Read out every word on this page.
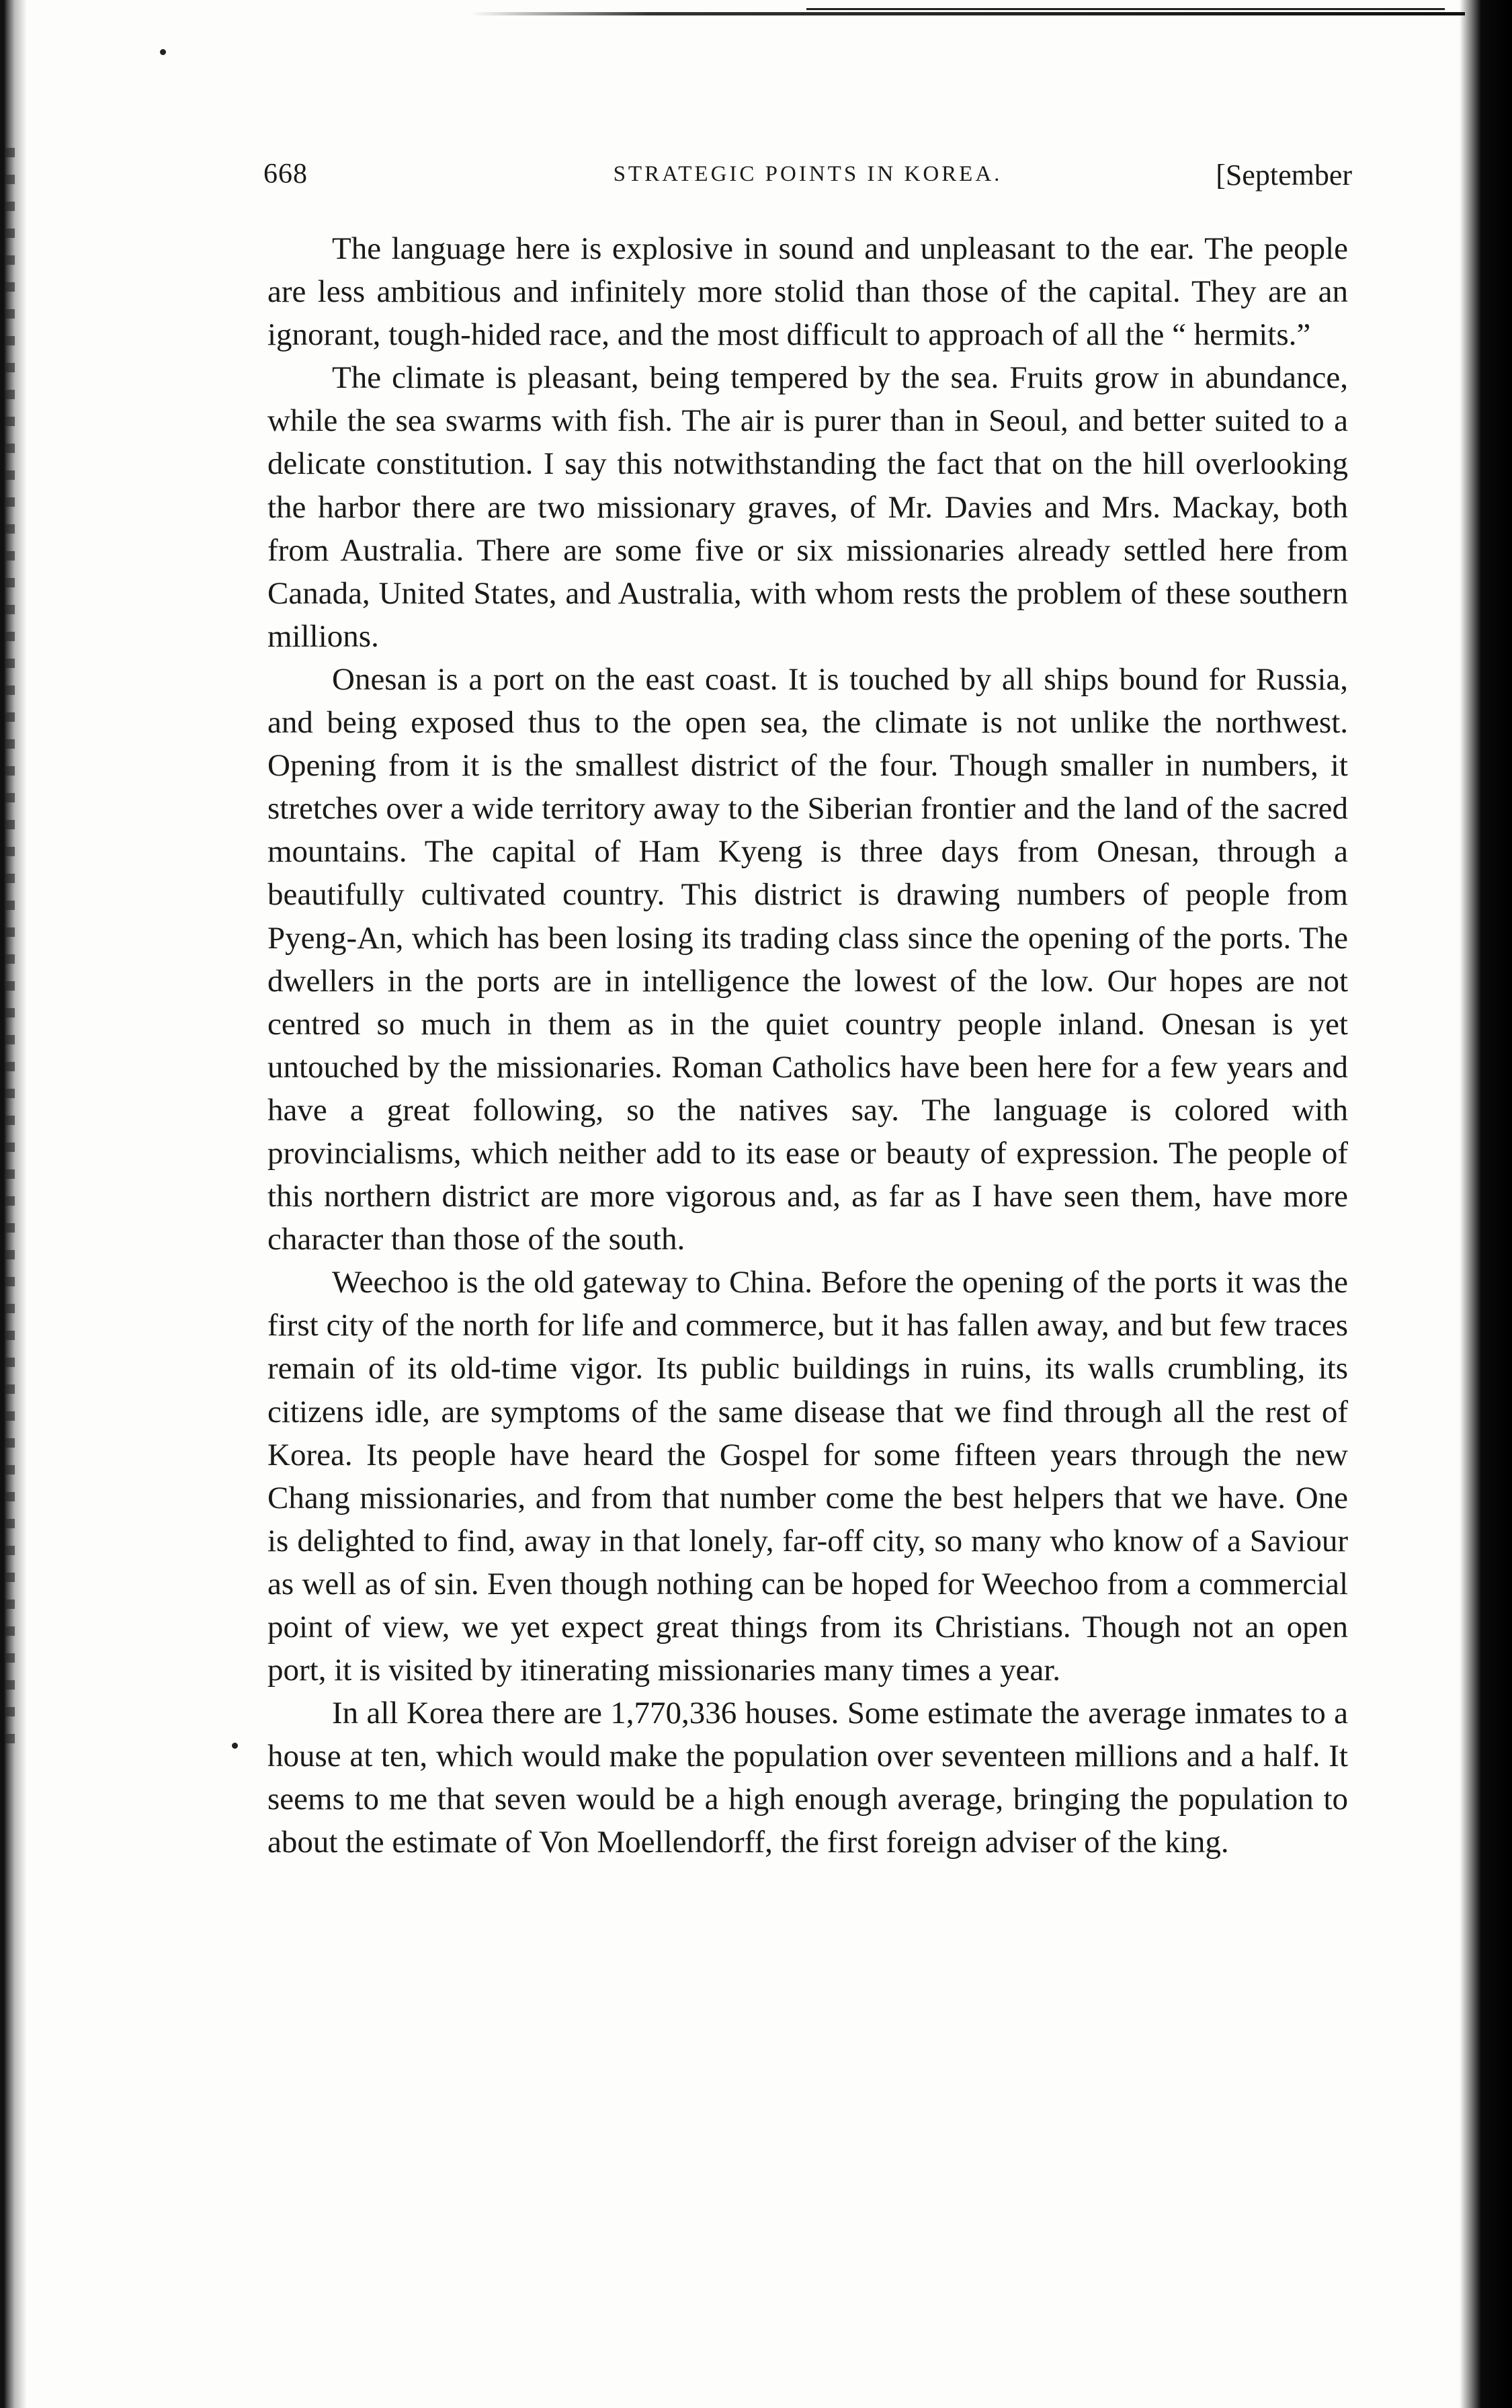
668	STRATEGIC POINTS IN KOREA.	[September

The language here is explosive in sound and unpleasant to the ear. The people are less ambitious and infinitely more stolid than those of the capital. They are an ignorant, tough-hided race, and the most difficult to approach of all the “ hermits.”

The climate is pleasant, being tempered by the sea. Fruits grow in abundance, while the sea swarms with fish. The air is purer than in Seoul, and better suited to a delicate constitution. I say this notwithstanding the fact that on the hill overlooking the harbor there are two missionary graves, of Mr. Davies and Mrs. Mackay, both from Australia. There are some five or six missionaries already settled here from Canada, United States, and Australia, with whom rests the problem of these southern millions.

Onesan is a port on the east coast. It is touched by all ships bound for Russia, and being exposed thus to the open sea, the climate is not unlike the northwest. Opening from it is the smallest district of the four. Though smaller in numbers, it stretches over a wide territory away to the Siberian frontier and the land of the sacred mountains. The capital of Ham Kyeng is three days from Onesan, through a beautifully cultivated country. This district is drawing numbers of people from Pyeng-An, which has been losing its trading class since the opening of the ports. The dwellers in the ports are in intelligence the lowest of the low. Our hopes are not centred so much in them as in the quiet country people inland. Onesan is yet untouched by the missionaries. Roman Catholics have been here for a few years and have a great following, so the natives say. The language is colored with provincialisms, which neither add to its ease or beauty of expression. The people of this northern district are more vigorous and, as far as I have seen them, have more character than those of the south.

Weechoo is the old gateway to China. Before the opening of the ports it was the first city of the north for life and commerce, but it has fallen away, and but few traces remain of its old-time vigor. Its public buildings in ruins, its walls crumbling, its citizens idle, are symptoms of the same disease that we find through all the rest of Korea. Its people have heard the Gospel for some fifteen years through the new Chang missionaries, and from that number come the best helpers that we have. One is delighted to find, away in that lonely, far-off city, so many who know of a Saviour as well as of sin. Even though nothing can be hoped for Weechoo from a commercial point of view, we yet expect great things from its Christians. Though not an open port, it is visited by itinerating missionaries many times a year.

In all Korea there are 1,770,336 houses. Some estimate the average inmates to a house at ten, which would make the population over seventeen millions and a half. It seems to me that seven would be a high enough average, bringing the population to about the estimate of Von Moellendorff, the first foreign adviser of the king.
